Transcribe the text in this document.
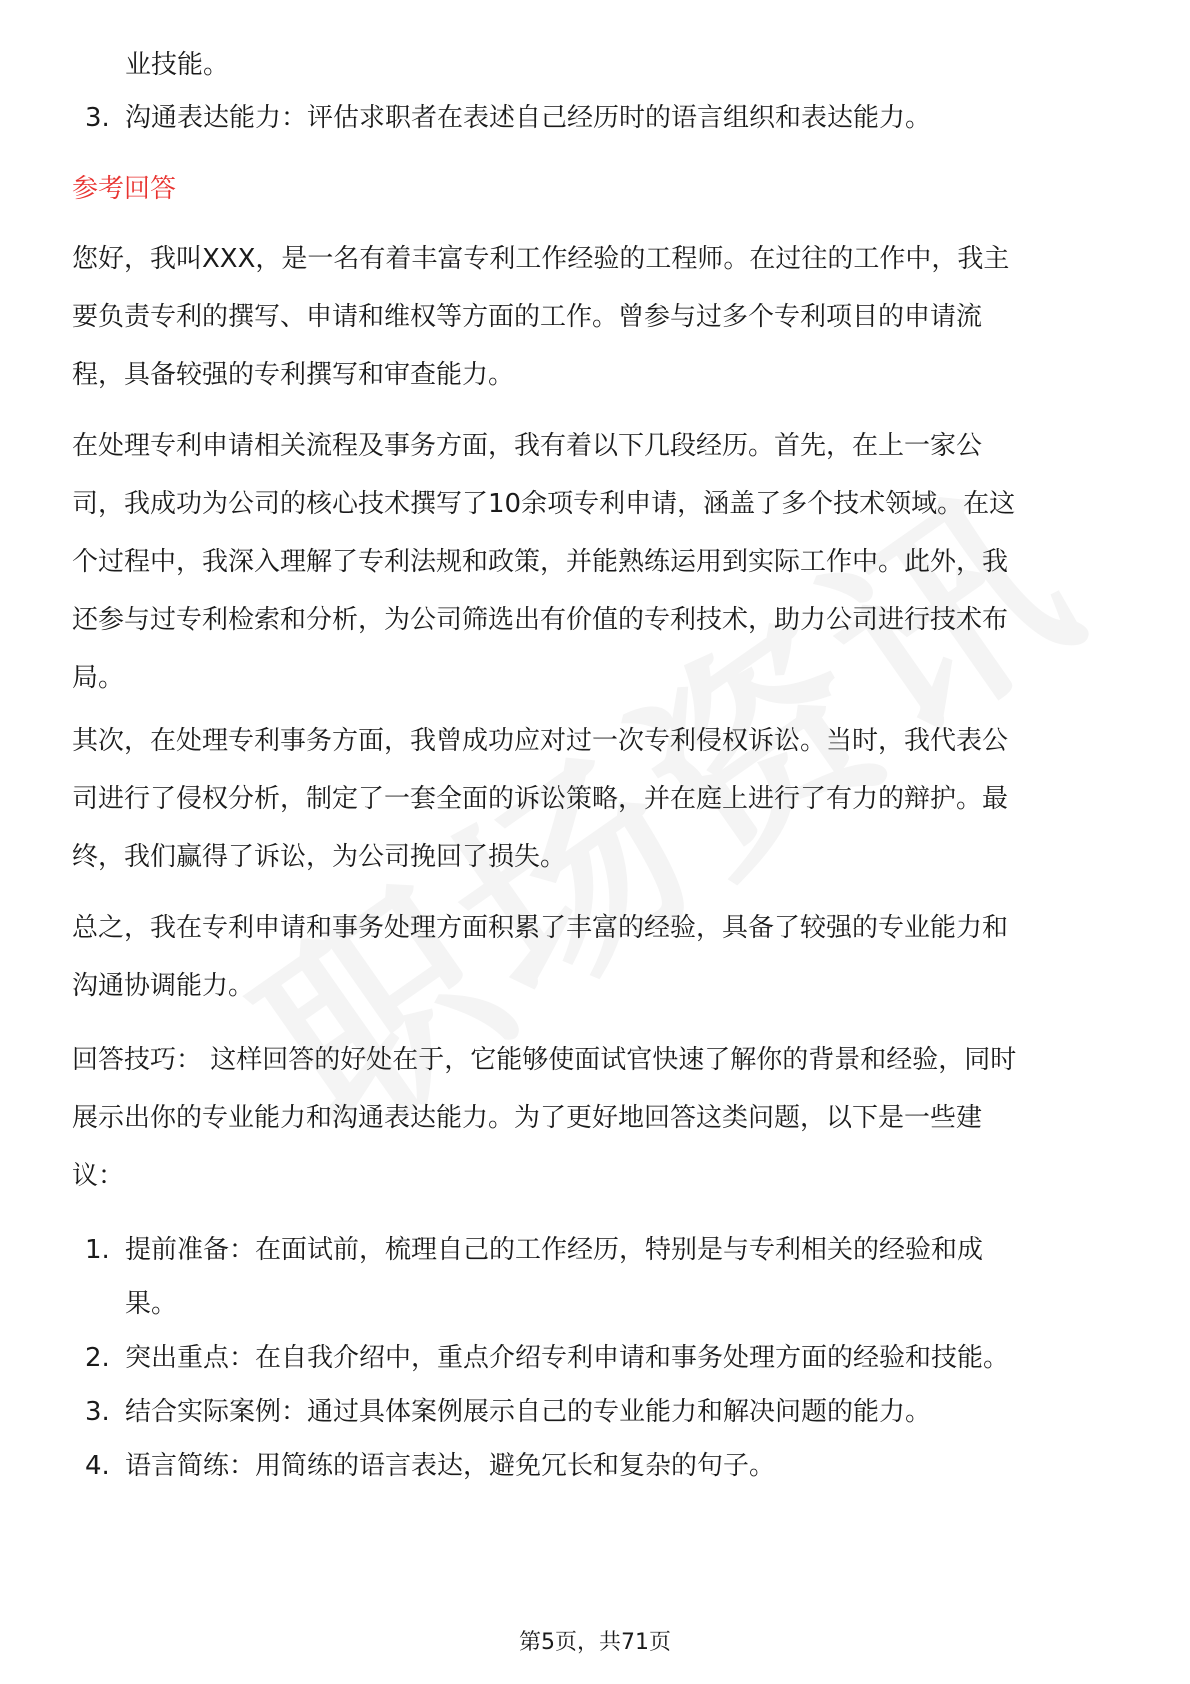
业技能。
3. 沟通表达能力：评估求职者在表述自己经历时的语言组织和表达能力。
参考回答
您好，我叫XXX，是一名有着丰富专利工作经验的工程师。在过往的工作中，我主
要负责专利的撰写、申请和维权等方面的工作。曾参与过多个专利项目的申请流
程，具备较强的专利撰写和审查能力。
在处理专利申请相关流程及事务方面，我有着以下几段经历。首先，在上一家公
司，我成功为公司的核心技术撰写了10余项专利申请，涵盖了多个技术领域。在这
个过程中，我深入理解了专利法规和政策，并能熟练运用到实际工作中。此外，我
还参与过专利检索和分析，为公司筛选出有价值的专利技术，助力公司进行技术布
局。
其次，在处理专利事务方面，我曾成功应对过一次专利侵权诉讼。当时，我代表公
司进行了侵权分析，制定了一套全面的诉讼策略，并在庭上进行了有力的辩护。最
终，我们赢得了诉讼，为公司挽回了损失。
总之，我在专利申请和事务处理方面积累了丰富的经验，具备了较强的专业能力和
沟通协调能力。
回答技巧： 这样回答的好处在于，它能够使面试官快速了解你的背景和经验，同时
展示出你的专业能力和沟通表达能力。为了更好地回答这类问题，以下是一些建
议：
1. 提前准备：在面试前，梳理自己的工作经历，特别是与专利相关的经验和成
果。
2. 突出重点：在自我介绍中，重点介绍专利申请和事务处理方面的经验和技能。
3. 结合实际案例：通过具体案例展示自己的专业能力和解决问题的能力。
4. 语言简练：用简练的语言表达，避免冗长和复杂的句子。
第5页，共71页
